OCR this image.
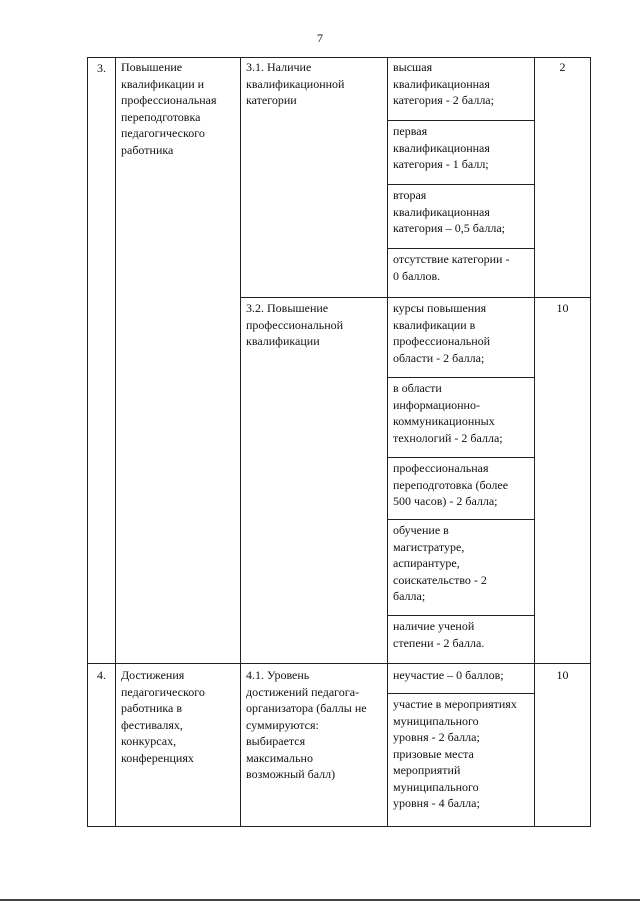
7
3.	Повышение
квалификации и
профессиональная
переподготовка
педагогического
работника
3.1. Наличие
квалификационной
категории
2
высшая
квалификационная
категория - 2 балла;
первая
квалификационная
категория - 1 балл;
вторая
квалификационная
категория – 0,5 балла;
отсутствие категории -
0 баллов.
3.2. Повышение
профессиональной
квалификации
10
курсы повышения
квалификации в
профессиональной
области - 2 балла;
в области
информационно-
коммуникационных
технологий - 2 балла;
профессиональная
переподготовка (более
500 часов) - 2 балла;
обучение в
магистратуре,
аспирантуре,
соискательство - 2
балла;
наличие ученой
степени - 2 балла.
4.	Достижения
педагогического
работника в
фестивалях,
конкурсах,
конференциях
4.1. Уровень
достижений педагога-
организатора (баллы не
суммируются:
выбирается
максимально
возможный балл)
10
неучастие – 0 баллов;
участие в мероприятиях
муниципального
уровня - 2 балла;
призовые места
мероприятий
муниципального
уровня - 4 балла;
